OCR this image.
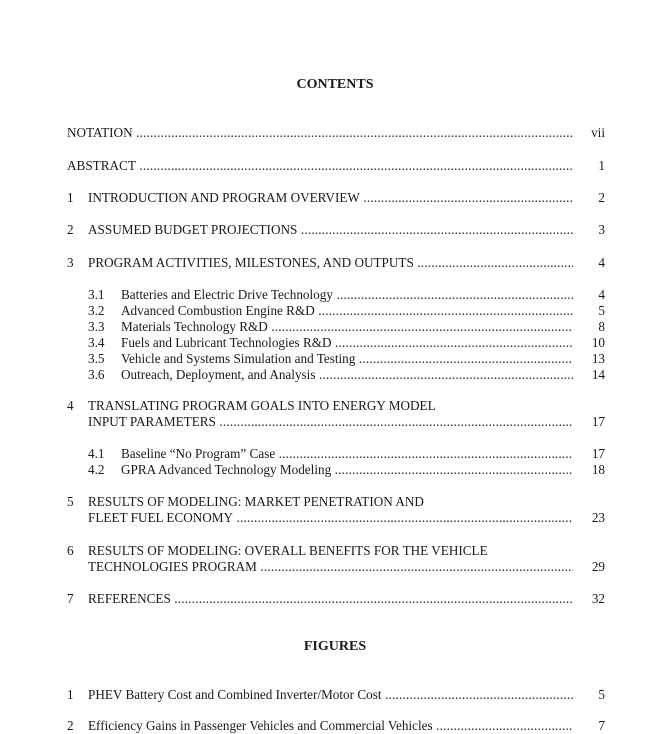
CONTENTS
NOTATION .....	vii
ABSTRACT .....	1
1 INTRODUCTION AND PROGRAM OVERVIEW .....	2
2 ASSUMED BUDGET PROJECTIONS .....	3
3 PROGRAM ACTIVITIES, MILESTONES, AND OUTPUTS .....	4
3.1 Batteries and Electric Drive Technology .....	4
3.2 Advanced Combustion Engine R&D .....	5
3.3 Materials Technology R&D .....	8
3.4 Fuels and Lubricant Technologies R&D .....	10
3.5 Vehicle and Systems Simulation and Testing .....	13
3.6 Outreach, Deployment, and Analysis .....	14
4 TRANSLATING PROGRAM GOALS INTO ENERGY MODEL
INPUT PARAMETERS .....	17
4.1 Baseline “No Program” Case .....	17
4.2 GPRA Advanced Technology Modeling .....	18
5 RESULTS OF MODELING: MARKET PENETRATION AND
FLEET FUEL ECONOMY .....	23
6 RESULTS OF MODELING: OVERALL BENEFITS FOR THE VEHICLE
TECHNOLOGIES PROGRAM .....	29
7 REFERENCES .....	32
FIGURES
1 PHEV Battery Cost and Combined Inverter/Motor Cost .....	5
2 Efficiency Gains in Passenger Vehicles and Commercial Vehicles .....	7
